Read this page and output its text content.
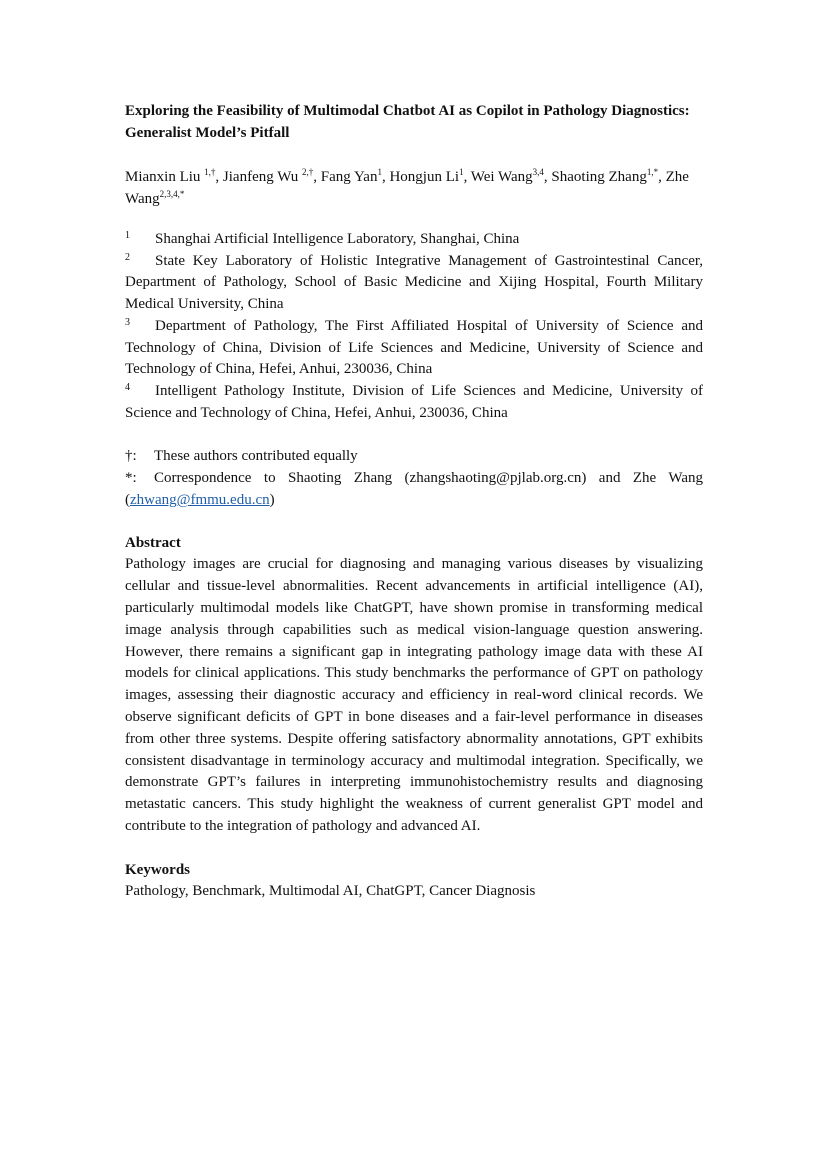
Exploring the Feasibility of Multimodal Chatbot AI as Copilot in Pathology Diagnostics: Generalist Model’s Pitfall
Mianxin Liu $^{1,\dagger}$, Jianfeng Wu $^{2,\dagger}$, Fang Yan$^1$, Hongjun Li$^1$, Wei Wang$^{3,4}$, Shaoting Zhang$^{1,*}$, Zhe Wang$^{2,3,4,*}$
1 Shanghai Artificial Intelligence Laboratory, Shanghai, China
2 State Key Laboratory of Holistic Integrative Management of Gastrointestinal Cancer, Department of Pathology, School of Basic Medicine and Xijing Hospital, Fourth Military Medical University, China
3 Department of Pathology, The First Affiliated Hospital of University of Science and Technology of China, Division of Life Sciences and Medicine, University of Science and Technology of China, Hefei, Anhui, 230036, China
4 Intelligent Pathology Institute, Division of Life Sciences and Medicine, University of Science and Technology of China, Hefei, Anhui, 230036, China
†: These authors contributed equally
*: Correspondence to Shaoting Zhang (zhangshaoting@pjlab.org.cn) and Zhe Wang (zhwang@fmmu.edu.cn)
Abstract
Pathology images are crucial for diagnosing and managing various diseases by visualizing cellular and tissue-level abnormalities. Recent advancements in artificial intelligence (AI), particularly multimodal models like ChatGPT, have shown promise in transforming medical image analysis through capabilities such as medical vision-language question answering. However, there remains a significant gap in integrating pathology image data with these AI models for clinical applications. This study benchmarks the performance of GPT on pathology images, assessing their diagnostic accuracy and efficiency in real-word clinical records. We observe significant deficits of GPT in bone diseases and a fair-level performance in diseases from other three systems. Despite offering satisfactory abnormality annotations, GPT exhibits consistent disadvantage in terminology accuracy and multimodal integration. Specifically, we demonstrate GPT’s failures in interpreting immunohistochemistry results and diagnosing metastatic cancers. This study highlight the weakness of current generalist GPT model and contribute to the integration of pathology and advanced AI.
Keywords
Pathology, Benchmark, Multimodal AI, ChatGPT, Cancer Diagnosis
